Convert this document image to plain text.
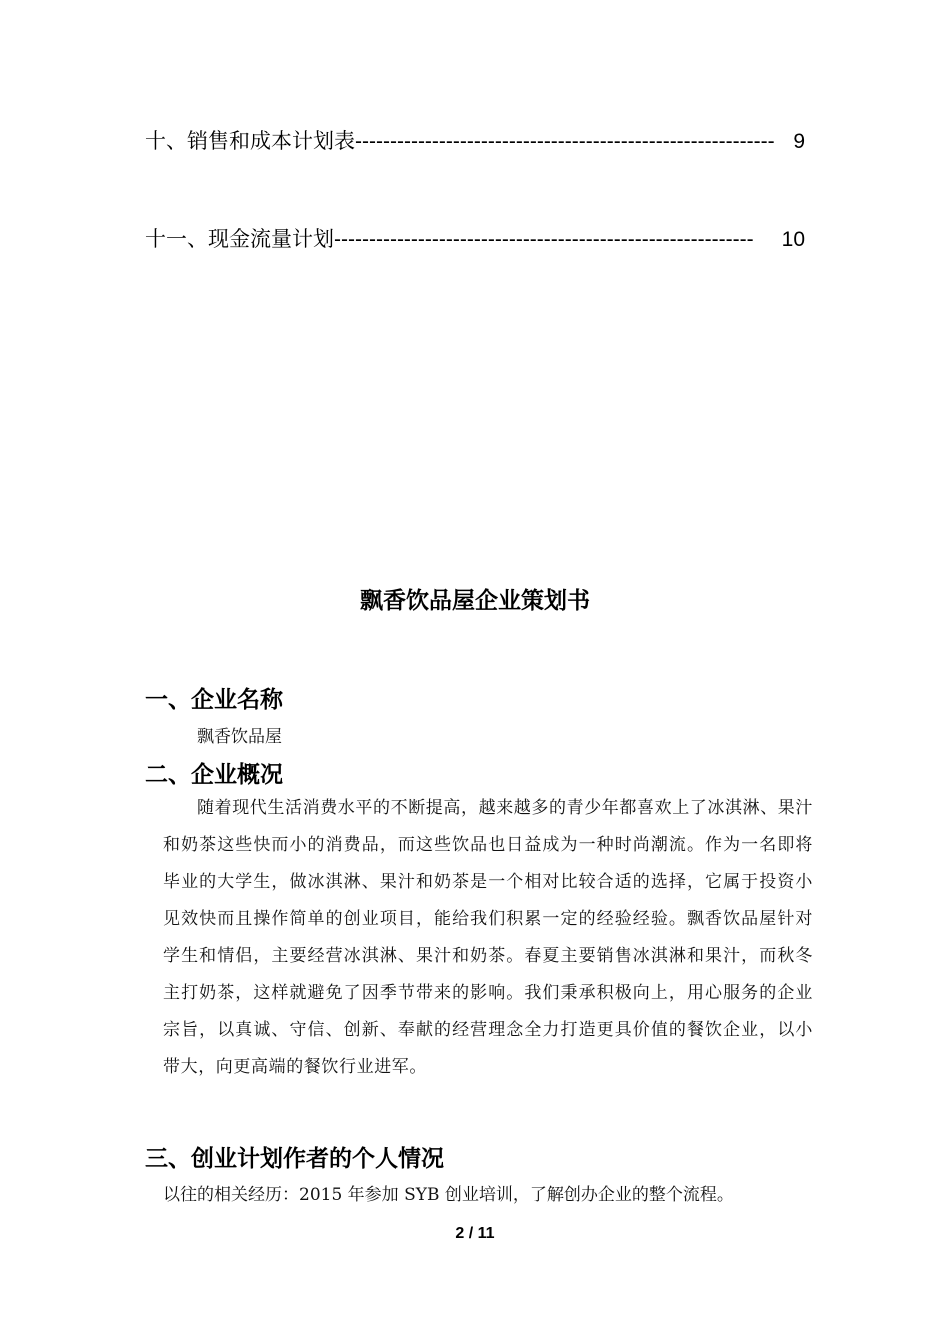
十、销售和成本计划表------------------------------------------------------------ 9
十一、现金流量计划------------------------------------------------------------ 10
飘香饮品屋企业策划书
一、企业名称
飘香饮品屋
二、企业概况
随着现代生活消费水平的不断提高，越来越多的青少年都喜欢上了冰淇淋、果汁和奶茶这些快而小的消费品，而这些饮品也日益成为一种时尚潮流。作为一名即将毕业的大学生，做冰淇淋、果汁和奶茶是一个相对比较合适的选择，它属于投资小见效快而且操作简单的创业项目，能给我们积累一定的经验经验。飘香饮品屋针对学生和情侣，主要经营冰淇淋、果汁和奶茶。春夏主要销售冰淇淋和果汁，而秋冬主打奶茶，这样就避免了因季节带来的影响。我们秉承积极向上，用心服务的企业宗旨，以真诚、守信、创新、奉献的经营理念全力打造更具价值的餐饮企业，以小带大，向更高端的餐饮行业进军。
三、创业计划作者的个人情况
以往的相关经历：2015 年参加 SYB 创业培训，了解创办企业的整个流程。
2 / 11
